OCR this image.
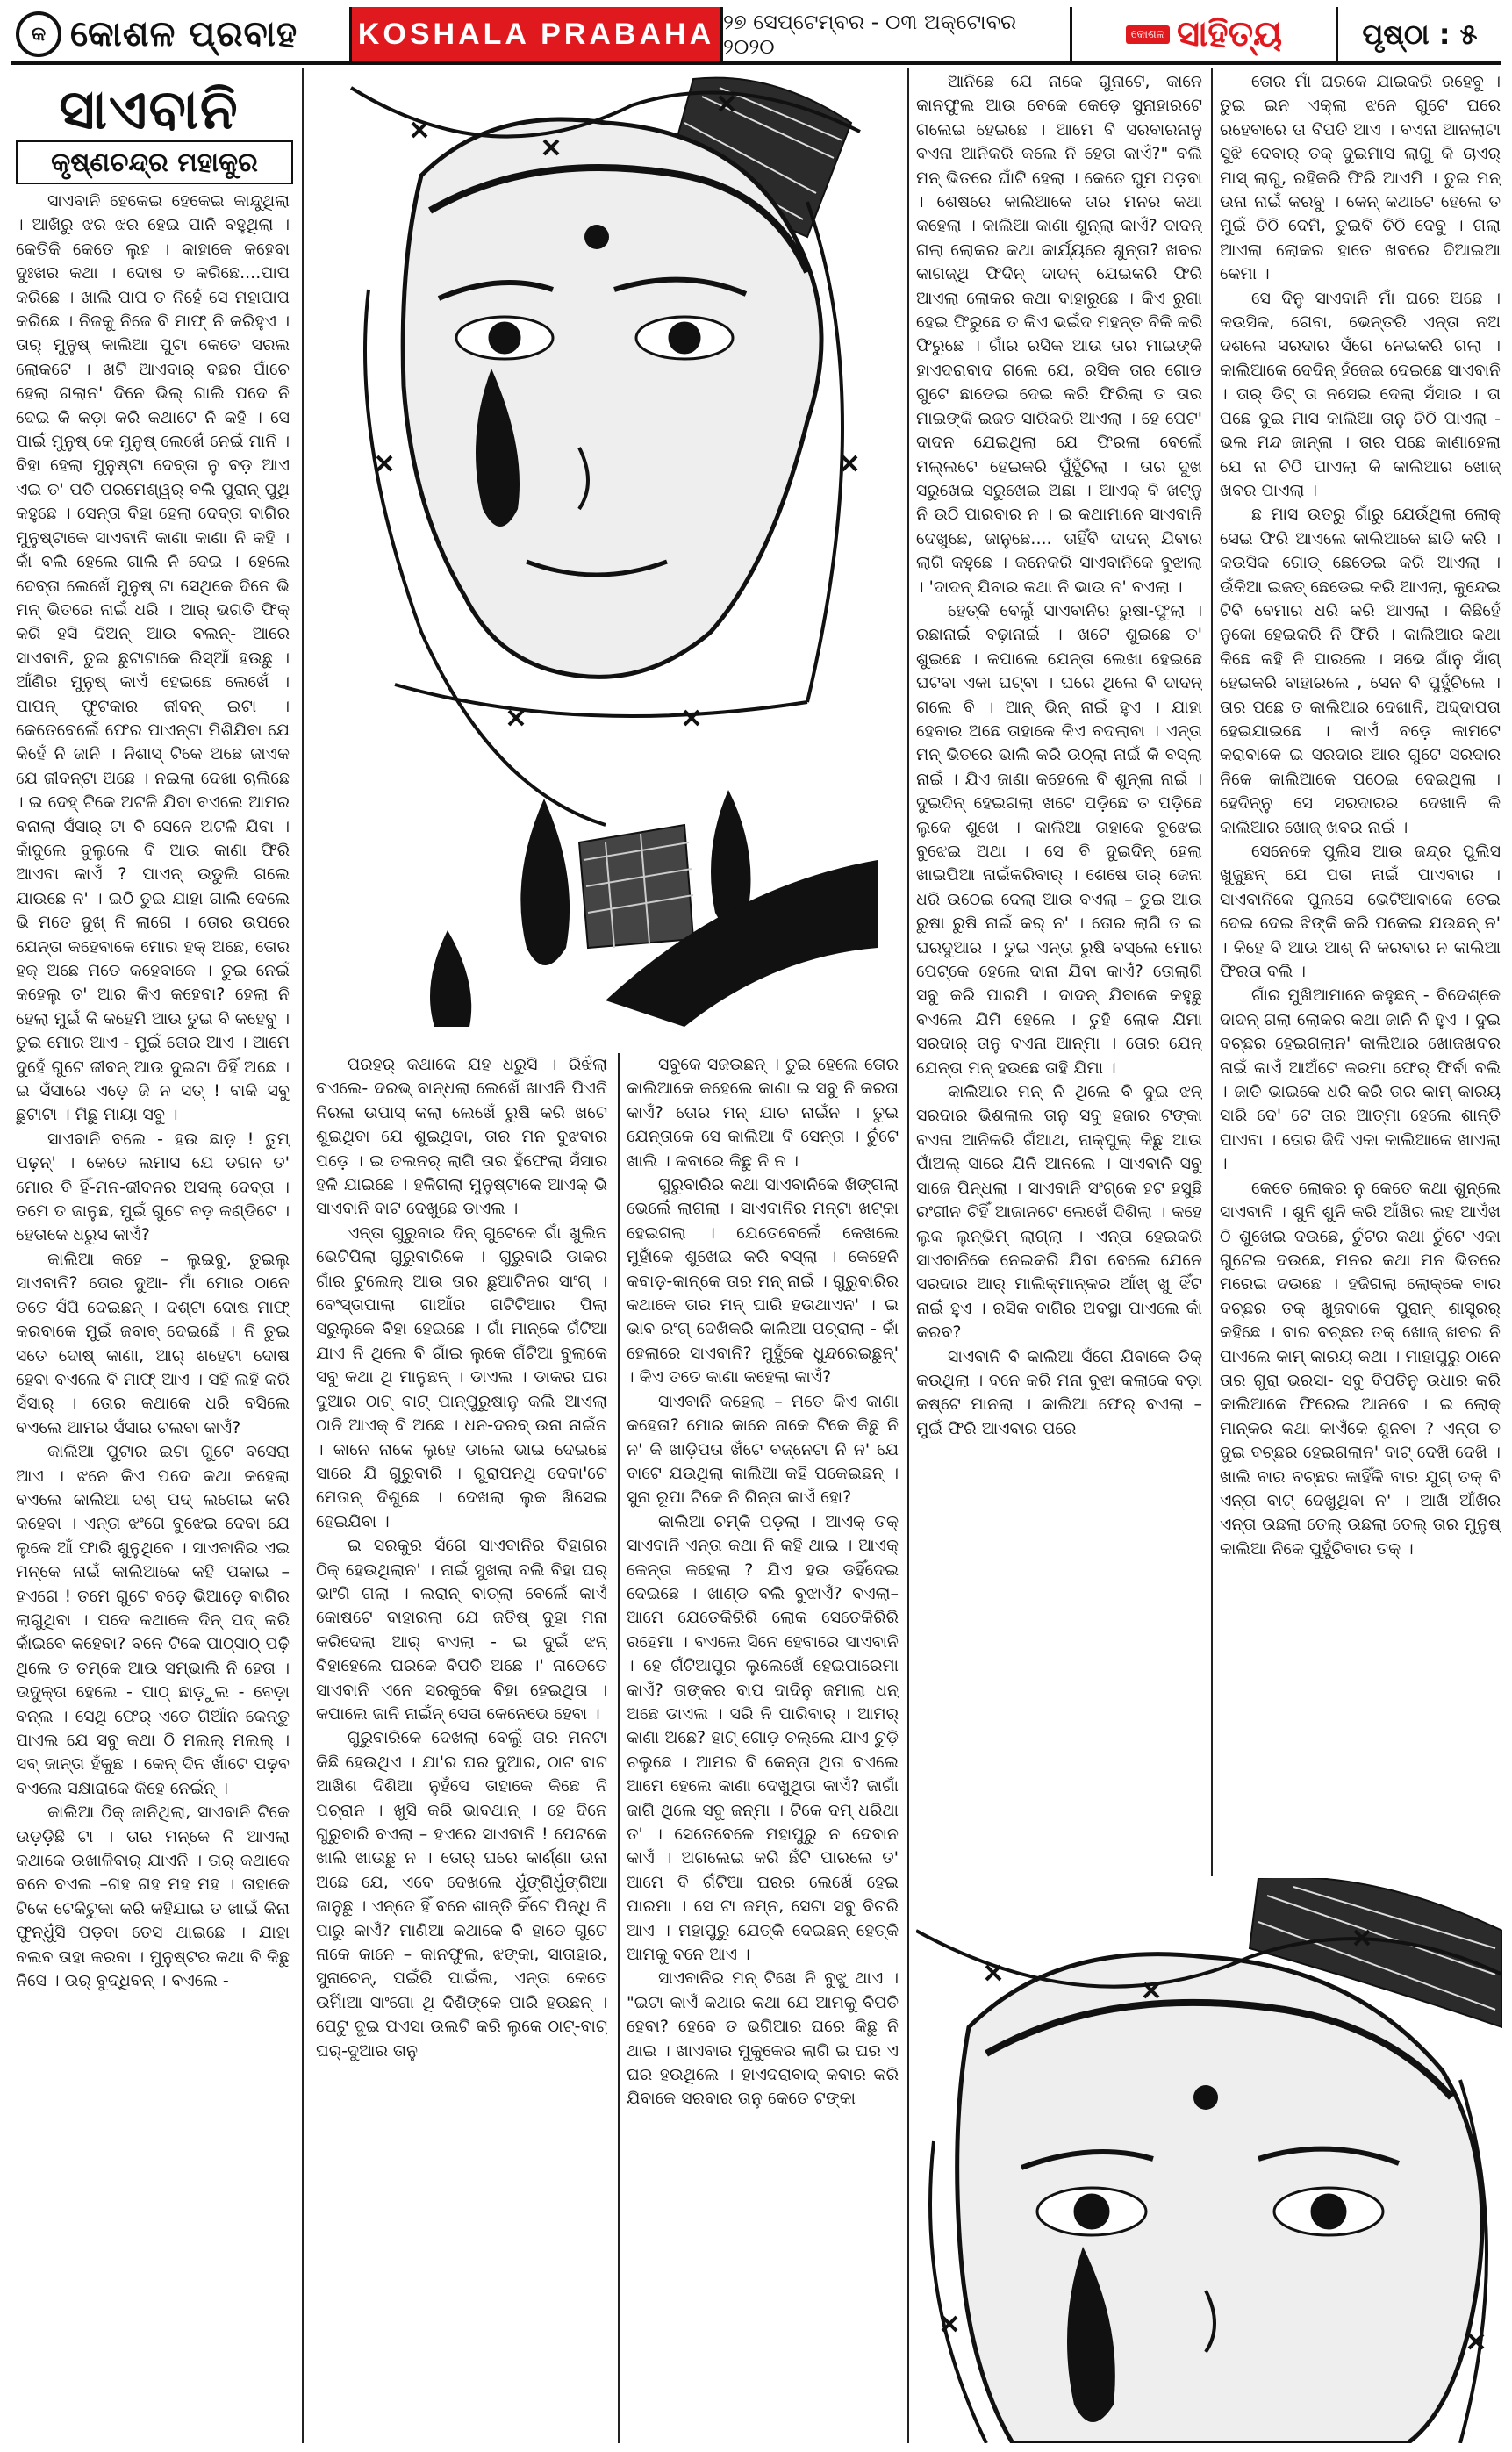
କ କୋଶଳ ପ୍ରବାହ KOSHALA PRABAHA ୨୭ ସେପ୍ଟେମ୍ବର - ୦୩ ଅକ୍ଟୋବର ୨୦୨୦	କୋଶଳ ସାହିତ୍ୟ	ପୃଷ୍ଠା : ୫
ସାଏବାନି
କୃଷ୍ଣଚନ୍ଦ୍ର ମହାକୁର

ସାଏବାନି ହେକେଇ ହେକେଇ କାନ୍ଦୁଥିଲା । ଆଖିରୁ ଝର ଝର ହେଇ ପାନି ବହୁଥିଲା । କେତିକି କେତେ ଲୁହ । କାହାକେ କହେବା ଦୁଃଖର କଥା । ଦୋଷ ତ କରିଛେ....ପାପ କରିଛେ । ଖାଲି ପାପ ତ ନିହେଁ ସେ ମହାପାପ କରିଛେ । ନିଜକୁ ନିଜେ ବି ମାଫ୍ ନି କରିହୁଏ । ତାର୍ ମୁନୁଷ୍ କାଲିଆ ପୁଟା କେତେ ସରଲ ଲୋକଟେ । ଖଟି ଆଏବାର୍ ବଛର ପାଁଚେ ହେଲା ଗଲାନ' ଦିନେ ଭିଲ୍ ଗାଲି ପଦେ ନି ଦେଇ କି କଡ଼ା କରି କଥାଟେ ନି କହି । ସେ ପାଇଁ ମୁନୁଷ୍ କେ ମୁନୁଷ୍ ଲେଖେଁ ନେଇଁ ମାନି । ବିହା ହେଲା ମୁନୁଷ୍ଟା ଦେବ୍ତା ନୁ ବଡ଼ ଆଏ ଏଇ ତ' ପତି ପରମେଶ୍ୱର୍ ବଲି ପୁରାନ୍ ପୁଥି କହୁଛେ । ସେନ୍ତା ବିହା ହେଲା ଦେବ୍ତା ବାଗିର ମୁନୁଷ୍ଟାକେ ସାଏବାନି କାଣା କାଣା ନି କହି । କାଁ ବଲି ହେଲେ ଗାଲି ନି ଦେଇ । ହେଲେ ଦେବ୍ତା ଲେଖେଁ ମୁନୁଷ୍ ଟା ସେଥିକେ ଦିନେ ଭି ମନ୍ ଭିତରେ ନାଇଁ ଧରି । ଆର୍ ଭଗତି ଫିକ୍ କରି ହସି ଦିଅନ୍ ଆଉ ବଲନ୍- ଆରେ ସାଏବାନି, ତୁଇ ଛୁଟାଟାକେ ରିସ୍ଆଁ ହଉଛୁ । ଆଁଣିର ମୁନୁଷ୍ କାଏଁ ହେଇଛେ ଲେଖେଁ । ପାପନ୍ ଫୁଟକାର ଜୀବନ୍ ଇଟା । କେତେବେଲେଁ ଫେର ପାଏନ୍ଟା ମିଶିଯିବା ଯେ କିହେଁ ନି ଜାନି । ନିଶାସ୍ ଟିକେ ଅଛେ ଜାଏକ ଯେ ଜୀବନ୍ଟା ଅଛେ । ନଇଲା ଦେଖା ଚାଲିଛେ । ଇ ଦେହ୍ ଟିକେ ଅଟଳି ଯିବା ବଏଲେ ଆମର ବନାଲା ସଁସାର୍ ଟା ବି ସେନେ ଅଟଳି ଯିବା । କାଁଦୁଲେ ବୁଲୁଲେ ବି ଆଉ କାଣା ଫିରି ଆଏବା କାଏଁ ? ପାଏନ୍ ଉଡୁଲି ଗଲେ ଯାଉଛେ ନ' । ଇଠି ତୁଇ ଯାହା ଗାଲି ଦେଲେ ଭି ମତେ ଦୁଖ୍ ନି ଲାଗେ । ତୋର ଉପରେ ଯେନ୍ତା କହେବାକେ ମୋର ହକ୍ ଅଛେ, ତୋର ହକ୍ ଅଛେ ମତେ କହେବାକେ । ତୁଇ ନେଇଁ କହେଲୁ ତ' ଆର କିଏ କହେବା? ହେଲା ନି ହେଲା ମୁଇଁ କି କହେମି ଆଉ ତୁଇ ବି କହେବୁ । ତୁଇ ମୋର ଆଏ - ମୁଇଁ ତୋର ଆଏ । ଆମେ ଦୁହେଁ ଗୁଟେ ଜୀବନ୍ ଆଉ ଦୁଇଟା ଦିହିଁ ଅଛେ । ଇ ସଁସାରେ ଏଡ଼େ ଜି ନ ସତ୍ ! ବାକି ସବୁ ଛୁଟାଟା । ମିଛୁ ମାୟା ସବୁ ।

ସାଏବାନି ବଲେ - ହଉ ଛାଡ଼ ! ତୁମ୍ ପଢ଼ନ୍' । କେତେ ଲମାସ ଯେ ଡଗନ ତ' ମୋର ବି ହିଁ-ମନ-ଜୀବନର ଅସଲ୍ ଦେବ୍ତା । ତମେ ତ ଜାନୁଛ, ମୁଇଁ ଗୁଟେ ବଡ଼ କଣ୍ଡିଟେ । ହେତାକେ ଧରୁସ କାଏଁ?

କାଲିଆ କହେ – ଲୁଇବୁ, ତୁଇଲୁ ସାଏବାନି? ତୋର ଦୁଆ- ମାଁ ମୋର ଠାନେ ତତେ ସଁପି ଦେଇଛନ୍ । ଦଶ୍ଟା ଦୋଷ ମାଫ୍ କରବାକେ ମୁଇଁ ଜବାବ୍ ଦେଇଛେଁ । ନି ତୁଇ ସତେ ଦୋଷ୍ କାଣା, ଆର୍ ଶହେଟା ଦୋଷ ହେବା ବଏଲେ ବି ମାଫ୍ ଆଏ । ସହି ଲହି କରି ସଁସାର୍ । ତୋର କଥାକେ ଧରି ବସିଲେ ବଏଲେ ଆମର ସଁସାର ଚଲବା କାଏଁ?

କାଲିଆ ପୁଟାର ଇଟା ଗୁଟେ ବସେରା ଆଏ । ଝନେ କିଏ ପଦେ କଥା କହେଲା ବଏଲେ କାଲିଆ ଦଶ୍ ପଦ୍ ଲଗେଇ କରି କହେବା । ଏନ୍ତା ଝଂଗେ ବୁଝେଇ ଦେବା ଯେ ଲୁକେ ଆଁ ଫାରି ଶୁନୁଥିବେ । ସାଏବାନିର ଏଇ ମନ୍କେ ନାଇଁ କାଲିଆକେ କହି ପକାଇ – ହଏଗେ ! ତମେ ଗୁଟେ ବଡ଼େ ଭିଆଡ଼େ ବାଗିର ଲାଗୁଥିବା । ପଦେ କଥାକେ ଦିନ୍ ପଦ୍ କରି କାଁଇବେ କହେବା? ବନେ ଟିକେ ପାଠ୍ସାଠ୍ ପଢ଼ି ଥିଲେ ତ ତମ୍କେ ଆଉ ସମ୍ଭାଲି ନି ହେତା । ଉଦୁକ୍ତା ହେଲେ - ପାଠ୍ ଛାଡ଼ୁଲ - ବେଡ଼ା ବନ୍ଲ । ସେଥି ଫେର୍ ଏତେ ଗିଆଁନ କେନ୍ତୁ ପାଏଲ ଯେ ସବୁ କଥା ଠି ମଲଲ୍ ମଲଲ୍ । ସବ୍ ଜାନ୍ତା ହଁକୁଛ । କେନ୍ ଦିନ ଖାଁଟେ ପଢ଼ବ ବଏଲେ ସକ୍ଷାରାକେ କିହେ ନେଇଁନ୍ ।

କାଲିଆ ଠିକ୍ ଜାନିଥିଲା, ସାଏବାନି ଟିକେ ଉଡ଼ଡ଼ିଛି ଟା । ତାର ମନ୍କେ ନି ଆଏଲା କଥାକେ ଉଖାଳିବାର୍ ଯାଏନି । ତାର୍ କଥାକେ ବନେ ବଏଲ –ଗହ ଗହ ମହ ମହ । ତାହାକେ ଟିକେ ଟେକିଟୁକା କରି କହିଯାଇ ତ ଖାଇଁ କିନା ଫୁନ୍ଧୁଁସି ପଡ଼ବା ତେସ ଥାଇଛେ । ଯାହା ବଲବ ତାହା କରବା । ମୁନୁଷ୍ଟର କଥା ବି କିଛୁ ନିସେ । ଉର୍ ବୁଦ୍ଧିବନ୍ । ବଏଲେ -

ପରହର୍ କଥାକେ ଯହ ଧରୁସି । ରିଝଁଲା ବଏଲେ- ଦରଭ୍ ବାନ୍ଧଲା ଲେଖେଁ ଖାଏନି ପିଏନି ନିରଳା ଉପାସ୍ କଲା ଲେଖେଁ ରୁଷି କରି ଖଟେ ଶୁଇଥିବା ଯେ ଶୁଇଥିବା, ତାର ମନ ବୁଝବାର ପଡ଼େ । ଇ ତଲନର୍ ଲାଗି ତାର ହଁଫେଲା ସଁସାର ହଳି ଯାଇଛେ । ହଳିଗଲା ମୁନୁଷ୍ଟାକେ ଆଏକ୍ ଭି ସାଏବାନି ବାଟ ଦେଖୁଛେ ଡାଏଲ ।

ଏନ୍ତା ଗୁରୁବାର ଦିନ୍ ଗୁଟେକେ ଗାଁ ଖୁଲିନ ଭେଟିପିଲା ଗୁରୁବାରିକେ । ଗୁରୁବାରି ଡାକର ଗାଁର ଟୁଲେଲ୍ ଆଉ ତାର ଛୁଆଟିନର ସାଂଗ୍ । ବେଂସ୍ତାପାଲା ଗାଆଁର ଗଟିଟିଆର ପିଲା ସରୁଲୁକେ ବିହା ହେଇଛେ । ଗାଁ ମାନ୍କେ ଗଁଟିଆ ଯାଏ ନି ଥିଲେ ବି ଗାଁଇ ଲୁକେ ଗଁଟିଆ ବୁଲାକେ ସବୁ କଥା ଥି ମାନୁଛନ୍ । ଡାଏଲ । ଡାକର ଘର ଦୁଆର ଠାଟ୍ ବାଟ୍ ପାନ୍ପୁରୁଷାନୁ କଲି ଆଏଲା ଠାନି ଆଏକ୍ ବି ଅଛେ । ଧନ-ଦରବ୍ ଉନା ନାଇଁନ । କାନେ ନାକେ ଲୁହେ ଡାଲେ ଭାଇ ଦେଇଛେ ସାରେ ଯି ଗୁରୁବାରି । ଗୁରାପନଥି ଦେବା'ଟେ ମେତାନ୍ ଦିଶୁଛେ । ଦେଖଲା ଲୁକ ଖିସେଇ ହେଇଯିବା ।

ଇ ସରକୁର ସଁଗେ ସାଏବାନିର ବିହାଗର ଠିକ୍ ହେଉଥିଲାନ' । ନାଇଁ ସୁଖଲା ବଲି ବିହା ଘର୍ ଭାଂଗି ଗଲା । ଲରାନ୍ ବାତ୍ଲା ବେଲେଁ କାଏଁ କୋଷଟେ ବାହାରଲା ଯେ ଜତିଷ୍ ଦୁହା ମନା କରିଦେଲା ଆର୍ ବଏଲା - ଇ ଦୁଇଁ ଝନ୍ ବିହାହେଲେ ଘରକେ ବିପତି ଅଛେ ।' ନାଡେତେ ସାଏବାନି ଏନେ ସରକୁକେ ବିହା ହେଇଥିତା । କପାଲେ ଜାନି ନାଇଁନ୍ ସେତା କେନେଭେ ହେବା ।

ଗୁରୁବାରିକେ ଦେଖଲା ବେଲୁଁ ତାର ମନଟା କିଛି ହେଉଥିଏ । ଯା'ର ଘର ଦୁଆର, ଠାଟ ବାଟ ଆଖିଶ ଦିଶିଆ ନୁହଁସେ ତାହାକେ କିଛେ ନି ପଚ୍ରାନ । ଖୁସି କରି ଭାବଥାନ୍ । ହେ ଦିନେ ଗୁରୁବାରି ବଏଲା – ହଏରେ ସାଏବାନି ! ପେଟକେ ଖାଲି ଖାଉଛୁ ନ । ତୋର୍ ଘରେ କାର୍ଣ୍ଣା ଉନା ଅଛେ ଯେ, ଏବେ ଦେଖଲେ ଧୁଁଙ୍ଗିଧୁଁଙ୍ଗିଆ ଜାନୁଛୁ । ଏନ୍ତେ ହିଁ ବନେ ଶାନ୍ତି କିଁଟେ ପିନ୍ଧି ନି ପାରୁ କାଏଁ? ମାଣିଆ କଥାକେ ବି ହାତେ ଗୁଟେ ନାକେ କାନେ – କାନଫୁଲ, ଝଙ୍କା, ସାତାହାର, ସୁନାଚେନ୍, ପଇଁରି ପାଇଁଲ, ଏନ୍ତା କେତେ ଉର୍ମାଁଆ ସାଂଗୋ ଥି ଦିଶିଙ୍କେ ପାରି ହଉଛନ୍ । ପେଟୁ ଦୁଇ ପଏସା ଉଲଟି କରି ଲୁକେ ଠାଟ୍-ବାଟ୍ ଘର୍-ଦୁଆର ତାନୁ

ସବୁକେ ସଜଉଛନ୍ । ତୁଇ ହେଲେ ତୋର କାଲିଆକେ କହେଲେ କାଣା ଇ ସବୁ ନି କରତା କାଏଁ? ତୋର ମନ୍ ଯାଚ ନାଇଁନ । ତୁଇ ଯେନ୍ତାକେ ସେ କାଲିଆ ବି ସେନ୍ତା । ଚୁଁଟେ ଖାଲି । କବାରେ କିଛୁ ନି ନ ।

ଗୁରୁବାରିର କଥା ସାଏବାନିକେ ଖିଙ୍ଗଲା ଭେଲେଁ ଲାଗଲା । ସାଏବାନିର ମନ୍ଟା ଖଟ୍କା ହେଇଗଲା । ଯେତେବେଲେଁ କେଖଲେ ମୁହାଁକେ ଶୁଖେଇ କରି ବସ୍ଲା । କେହେନି କବାଡ଼-କାନ୍କେ ତାର ମନ୍ ନାଇଁ । ଗୁରୁବାରିର କଥାକେ ତାର ମନ୍ ଘାରି ହଉଥାଏନ' । ଇ ଭାବ ରଂଗ୍ ଦେଖିକରି କାଲିଆ ପଚ୍ରାଲା - କାଁ ହେଲାରେ ସାଏବାନି? ମୁହୁଁକେ ଧୁନ୍ଦରେଇଛୁନ୍' । କିଏ ତତେ କାଣା କହେଲା କାଏଁ?

ସାଏବାନି କହେଲା – ମତେ କିଏ କାଣା କହେତା? ମୋର କାନେ ନାକେ ଟିକେ କିଛୁ ନି ନ' କି ଖାଡ଼ିପତା ଖଁଟେ ବଜ୍ନେଟା ନି ନ' ଯେ ବାଟେ ଯଉଥିଲା କାଲିଆ କହି ପକେଇଛନ୍ । ସୁନା ରୂପା ଟିକେ ନି ଗିନ୍ତା କାଏଁ ହୋ?

କାଲିଆ ଚମ୍କି ପଡ଼ଲା । ଆଏକ୍ ତକ୍ ସାଏବାନି ଏନ୍ତା କଥା ନି କହି ଥାଇ । ଆଏକ୍ କେନ୍ତା କହେଲା ? ଯିଏ ହଉ ଡହିଁଦେଇ ଦେଇଛେ । ଖାଣ୍ଡ ବଲି ବୁଝାଏଁ? ବଏଲା– ଆମେ ଯେତେକିରିରି ଲୋକ ସେତେକିରିରି ରହେମା । ବଏଲେ ସିନେ ହେବାରେ ସାଏବାନି । ହେ ଗଁଟିଆପୁର ଲୁଲେଖେଁ ହେଇପାରେମା କାଏଁ? ତାଙ୍କର ବାପ ଦାଦିନୁ ଜମାଲା ଧନ୍ ଅଛେ ଡାଏଲ । ସରି ନି ପାରିବାର୍ । ଆମର୍ କାଣା ଅଛେ? ହାଟ୍ ଗୋଡ଼ ଚଲ୍ଲେ ଯାଏ ଚୁଡ଼ି ଚଲୁଛେ । ଆମର ବି କେନ୍ତା ଥିତା ବଏଲେ ଆମେ ହେଲେ କାଣା ଦେଖୁଥିତା କାଏଁ? ଜାଗାଁ ଜାଗି ଥିଲେ ସବୁ ଜନ୍ମା । ଟିକେ ଦମ୍ ଧରିଥା ତ' । ସେତେବେଳେ ମହାପୁରୁ ନ ଦେବାନ କାଏଁ । ଅଗଲେଇ କରି ଛଁଟି ପାରଲେ ତ' ଆମେ ବି ଗଁଟିଆ ଘରର ଲେଖେଁ ହେଇ ପାରମା । ସେ ଟା ଜମ୍ନ, ସେଟା ସବୁ ବିଚରି ଆଏ । ମହାପୁରୁ ଯେତ୍କି ଦେଇଛନ୍ ହେତ୍କି ଆମକୁ ବନେ ଆଏ ।

ସାଏବାନିର ମନ୍ ଟିଖେ ନି ବୁଝୁ ଥାଏ । "ଇଟା କାଏଁ କଥାର କଥା ଯେ ଆମକୁ ବିପତି ହେବା? ହେବେ ତ ଭଗିଆର ଘରେ କିଛୁ ନି ଥାଇ । ଖାଏବାର ମୁକୁକେର ଲାଗି ଇ ଘର ଏ ଘର ହଉଥିଲେ । ହାଏଦରାବାଦ୍ କବାର କରି ଯିବାକେ ସରବାର ତାନୁ କେତେ ଟଙ୍କା

ଆନିଛେ ଯେ ନାକେ ଗୁନାଟେ, କାନେ କାନଫୁଲ ଆଉ ବେକେ କେଡ଼େ ସୁନାହାରଟେ ଗଲେଇ ହେଇଛେ । ଆମେ ବି ସରବାରନାନୁ ବଏନା ଆନିକରି କଲେ ନି ହେତା କାଏଁ?" ବଲି ମନ୍ ଭିତରେ ଘାଁଟି ହେଲା । କେତେ ଘୁମ ପଡ଼ବା । ଶେଷରେ କାଲିଆକେ ତାର ମନର କଥା କହେଲା । କାଲିଆ କାଣା ଶୁନ୍ଲା କାଏଁ? ଦାଦନ୍ ଗଲା ଲୋକର କଥା କାର୍ଯ୍ୟରେ ଶୁନ୍ତା? ଖବର କାଗଜ୍ଥି ଫିଦିନ୍ ଦାଦନ୍ ଯେଇକରି ଫିରି ଆଏଲା ଲୋକର କଥା ବାହାରୁଛେ । କିଏ ରୁଗା ହେଇ ଫିରୁଛେ ତ କିଏ ଭଇଁଦ ମହନ୍ତ ବିକି କରି ଫିରୁଛେ । ଗାଁର ରସିକ ଆଉ ତାର ମାଇଙ୍କି ହାଏଦରାବାଦ ଗଲେ ଯେ, ରସିକ ତାର ଗୋଡ ଗୁଟେ ଛାଡେଇ ଦେଇ କରି ଫିରିଲା ତ ତାର ମାଇଙ୍କି ଇଜତ ସାରିକରି ଆଏଲା । ହେ ପେଟ' ଦାଦନ ଯେଇଥିଲା ଯେ ଫିରଲା ବେଲେଁ ମଲ୍ଲଟେ ହେଇକରି ପୁଁହୁଁଚିଲା । ତାର ଦୁଖ ସରୁଖେଇ ସରୁଖେଇ ଅଛା । ଆଏକ୍ ବି ଖଟ୍ନୁ ନି ଉଠି ପାରବାର ନ । ଇ କଥାମାନେ ସାଏବାନି ଦେଖୁଛେ, ଜାନୁଛେ.... ତାହିଁବି ଦାଦନ୍ ଯିବାର ଲାଗି କହୁଛେ । କନେକରି ସାଏବାନିକେ ବୁଝାଲା । 'ଦାଦନ୍ ଯିବାର କଥା ନି ଭାଉ ନ' ବଏଲା ।

ହେତ୍କି ବେଲୁଁ ସାଏବାନିର ରୁଷା-ଫୁଲା । ରଛାନାଇଁ ବଢ଼ାନାଇଁ । ଖଟେ ଶୁଇଛେ ତ' ଶୁଇଛେ । କପାଲେ ଯେନ୍ତା ଲେଖା ହେଇଛେ ଘଟବା ଏକା ଘଟ୍ବା । ଘରେ ଥିଲେ ବି ଦାଦନ୍ ଗଲେ ବି । ଆନ୍ ଭିନ୍ ନାଇଁ ହୁଏ । ଯାହା ହେବାର ଅଛେ ତାହାକେ କିଏ ବଦଲାବା । ଏନ୍ତା ମନ୍ ଭିତରେ ଭାଲି କରି ଉଠ୍ଲା ନାଇଁ କି ବସ୍ଲା ନାଇଁ । ଯିଏ ଜାଣା କହେଲେ ବି ଶୁନ୍ଲା ନାଇଁ । ଦୁଇଦିନ୍ ହେଇଗଲା ଖଟେ ପଡ଼ିଛେ ତ ପଡ଼ିଛେ ଲୁକେ ଶୁଖେ । କାଲିଆ ତାହାକେ ବୁଝେଇ ବୁଝେଇ ଅଥା । ସେ ବି ଦୁଇଦିନ୍ ହେଲା ଖାଇପିଆ ନାଇଁକରିବାର୍ । ଶେଷେ ତାର୍ ଜେନା ଧରି ଉଠେଇ ଦେଲା ଆଉ ବଏଲା – ତୁଇ ଆଉ ରୁଷା ରୁଷି ନାଇଁ କର୍ ନ' । ତୋର ଲାଗି ତ ଇ ଘରଦୁଆର । ତୁଇ ଏନ୍ତା ରୁଷି ବସ୍ଲେ ମୋର ପେଟ୍କେ ହେଲେ ଦାନା ଯିବା କାଏଁ? ତୋଲାଗି ସବୁ କରି ପାରମି । ଦାଦନ୍ ଯିବାକେ କହୁଛୁ ବଏଲେ ଯିମି ହେଲେ । ତୁହି ଲୋକ ଯିମା ସରଦାର୍ ତାନୁ ବଏନା ଆନ୍ମା । ତୋର ଯେନ୍ ଯେନ୍ତା ମନ୍ ହଉଛେ ତାହି ଯିମା ।

କାଲିଆର ମନ୍ ନି ଥିଲେ ବି ଦୁଇ ଝନ୍ ସରଦାର ଭିଶଲାଲ ତାନୁ ସବୁ ହଜାର ଟଙ୍କା ବଏନା ଆନିକରି ଗଁଆଥ, ନାକ୍ପୁଲ୍ କିଛୁ ଆଉ ପାଁଅଲ୍ ସାରେ ଯିନି ଆନଲେ । ସାଏବାନି ସବୁ ସାଜେ ପିନ୍ଧଲା । ସାଏବାନି ସଂଗ୍କେ ହଟ ହସୁଛି ରଂଗୀନ ଚିହିଁ ଆଜାନଟେ ଲେଖେଁ ଦିଶିଲା । କହେ ଲୁକ ଲୁନ୍ଭିମ୍ ଲାଗ୍ଲା । ଏନ୍ତା ହେଇକରି ସାଏବାନିକେ ନେଇକରି ଯିବା ବେଲେ ଯେନେ ସରଦାର ଆର୍ ମାଲିକ୍ମାନ୍କର ଆଁଖ୍ ଖୁ ଝିଁଟ ନାଇଁ ହୁଏ । ରସିକ ବାଗିର ଅବସ୍ଥା ପାଏଲେ କାଁ କରବ?

ସାଏବାନି ବି କାଲିଆ ସଁଗେ ଯିବାକେ ଡିକ୍ କଉଥିଲା । ବନେ କରି ମନା ବୁଝା କଲାକେ ବଡ଼ା କଷ୍ଟେ ମାନଲା । କାଲିଆ ଫେର୍ ବଏଲା – ମୁଇଁ ଫିରି ଆଏବାର ପରେ

ତୋର ମାଁ ଘରକେ ଯାଇକରି ରହେବୁ । ତୁଇ ଇନ ଏକ୍ଲା ଝନେ ଗୁଟେ ଘରେ ରହେବାରେ ତା ବିପତି ଆଏ । ବଏନା ଆନଲାଟା ସୁଝି ଦେବାର୍ ତକ୍ ଦୁଇମାସ ଲାଗୁ କି ଚାଏର୍ ମାସ୍ ଲାଗୁ, ରହିକରି ଫିରି ଆଏମି । ତୁଇ ମନ୍ ଉନା ନାଇଁ କରବୁ । କେନ୍ କଥାଟେ ହେଲେ ତ ମୁଇଁ ଚିଠି ଦେମି, ତୁଇବି ଚିଠି ଦେବୁ । ଗଲା ଆଏଲା ଲୋକର ହାତେ ଖବରେ ଦିଆଇଆ କେମା ।

ସେ ଦିନୁ ସାଏବାନି ମାଁ ଘରେ ଅଛେ । କଉସିକ, ଗେବା, ଭେନ୍ତରି ଏନ୍ତା ନଅ ଦଶଲେ ସରଦାର ସଁଗେ ନେଇକରି ଗଲା । କାଲିଆକେ ଦେଦିନ୍ ହଁଜେଇ ଦେଇଛେ ସାଏବାନି । ତାର୍ ଡିଟ୍ ତା ନସେଇ ଦେଲା ସଁସାର । ତା ପଛେ ଦୁଇ ମାସ କାଲିଆ ତାନୁ ଚିଠି ପାଏଲା - ଭଲ ମନ୍ଦ ଜାନ୍ଲା । ତାର ପଛେ କାଣାହେଲା ଯେ ନା ଚିଠି ପାଏଲା କି କାଲିଆର ଖୋଜ୍ ଖବର ପାଏଲା ।

ଛ ମାସ ଉତରୁ ଗାଁରୁ ଯେଉଁଥିଲା ଲୋକ୍ ସେଇ ଫିରି ଆଏଲେ କାଲିଆକେ ଛାଡି କରି । କଉସିକ ଗୋଡ୍ ଛେଡେଇ କରି ଆଏଲା । ଉଁକିଆ ଇଜତ୍ ଛେଡେଇ କରି ଆଏଲା, କୁନ୍ଦେଇ ଟିବି ବେମାର ଧରି କରି ଆଏଲା । କିଛିହେଁ ନୁକୋ ହେଇକରି ନି ଫିରି । କାଲିଆର କଥା କିଛେ କହି ନି ପାରଲେ । ସଭେ ଗାଁନୁ ସାଁଗ୍ ହେଇକରି ବାହାରଲେ , ସେନ ବି ପୁହୁଁଚିଲେ । ତାର ପଛେ ତ କାଲିଆର ଦେଖାନି, ଅଦ୍ଦ୍ଦାପତା ହେଇଯାଇଛେ । କାଏଁ ବଡ଼େ କାମଟେ କରାବାକେ ଇ ସରଦାର ଆର ଗୁଟେ ସରଦାର ନିକେ କାଲିଆକେ ପଠେଇ ଦେଇଥିଲା । ହେଦିନ୍ନୁ ସେ ସରଦାରର ଦେଖାନି କି କାଲିଆର ଖୋଜ୍ ଖବର ନାଇଁ ।

ସେନେକେ ପୁଲିସ ଆଉ ଜନ୍ଦ୍ର ପୁଲିସ ଖୁଜୁଛନ୍ ଯେ ପତା ନାଇଁ ପାଏବାର । ସାଏବାନିକେ ପୁଲସେ ଭେଟିଆବାକେ ତେଇ ଦେଇ ଦେଇ ଝିଙ୍କି କରି ପକେଇ ଯଉଛନ୍ ନ' । କିହେ ବି ଆଉ ଆଶ୍ ନି କରବାର ନ କାଲିଆ ଫିରତା ବଲି ।

ଗାଁର ମୁଖିଆମାନେ କହୁଛନ୍ - ବିଦେଶ୍କେ ଦାଦନ୍ ଗଲା ଲୋକର କଥା ଜାନି ନି ହୁଏ । ଦୁଇ ବଚ୍ଛର ହେଇଗଲାନ' କାଲିଆର ଖୋଜଖବର ନାଇଁ କାଏଁ ଆଅଁଟେ କରମା ଫେର୍ ଫିର୍ବା ବଲି । ଜାତି ଭାଇକେ ଧରି କରି ତାର କାମ୍ କାରୟ ସାରି ଦେ' ଟେ ତାର ଆତ୍ମା ହେଲେ ଶାନ୍ତି ପାଏବା । ତୋର ଜିଦି ଏକା କାଲିଆକେ ଖାଏଲା ।

କେତେ ଲୋକର ନୁ କେତେ କଥା ଶୁନ୍ଲେ ସାଏବାନି । ଶୁନି ଶୁନି କରି ଆଁଖିର ଲହ ଆଏଁଖ ଠି ଶୁଖେଇ ଦଉଛେ, ଚୁଁଟର କଥା ଚୁଁଟେ ଏକା ଗୁଟେଇ ଦଉଛେ, ମନର କଥା ମନ ଭିତରେ ମରେଇ ଦଉଛେ । ହଜିଗଲା ଲୋକ୍କେ ବାର ବଚ୍ଛର ତକ୍ ଖୁଜବାକେ ପୁରାନ୍ ଶାସ୍ତ୍ରର୍ କହିଛେ । ବାର ବଚ୍ଛର ତକ୍ ଖୋଜ୍ ଖବର ନି ପାଏଲେ କାମ୍ କାରୟ କଥା । ମାହାପୁରୁ ଠାନେ ତାର ଗୁରା ଭରସା- ସବୁ ବିପତିନୁ ଉଧାର କରି କାଲିଆକେ ଫିରେଇ ଆନବେ । ଇ ଲୋକ୍ ମାନ୍କର କଥା କାଏଁକେ ଶୁନବା ? ଏନ୍ତା ତ ଦୁଇ ବଚ୍ଛର ହେଇଗଲାନ' ବାଟ୍ ଦେଖି ଦେଖି । ଖାଲି ବାର ବଚ୍ଛର କାହିଁକି ବାର ଯୁଗ୍ ତକ୍ ବି ଏନ୍ତା ବାଟ୍ ଦେଖୁଥିବା ନ' । ଆଖି ଆଁଖିର ଏନ୍ତା ଉଛଲା ତେଲ୍ ଉଛଲା ତେଲ୍ ତାର ମୁନୁଷ୍ କାଲିଆ ନିକେ ପୁହୁଁଚିବାର ତକ୍ ।
